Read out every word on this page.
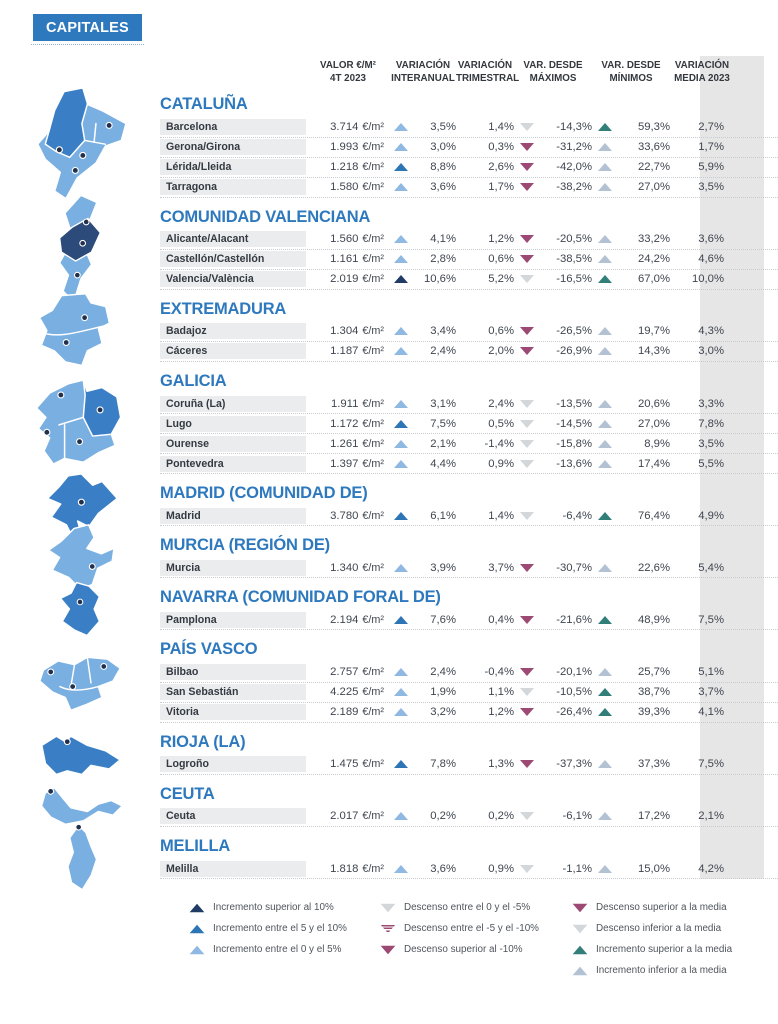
CAPITALES
VALOR €/M²
4T 2023
VARIACIÓN
INTERANUAL
VARIACIÓN
TRIMESTRAL
VAR. DESDE
MÁXIMOS
VAR. DESDE
MÍNIMOS
VARIACIÓN
MEDIA 2023
CATALUÑA
Barcelona	3.714 €/m²	3,5%	1,4%	-14,3%	59,3%	2,7%
Gerona/Girona	1.993 €/m²	3,0%	0,3%	-31,2%	33,6%	1,7%
Lérida/Lleida	1.218 €/m²	8,8%	2,6%	-42,0%	22,7%	5,9%
Tarragona	1.580 €/m²	3,6%	1,7%	-38,2%	27,0%	3,5%
COMUNIDAD VALENCIANA
Alicante/Alacant	1.560 €/m²	4,1%	1,2%	-20,5%	33,2%	3,6%
Castellón/Castellón	1.161 €/m²	2,8%	0,6%	-38,5%	24,2%	4,6%
Valencia/València	2.019 €/m²	10,6%	5,2%	-16,5%	67,0%	10,0%
EXTREMADURA
Badajoz	1.304 €/m²	3,4%	0,6%	-26,5%	19,7%	4,3%
Cáceres	1.187 €/m²	2,4%	2,0%	-26,9%	14,3%	3,0%
GALICIA
Coruña (La)	1.911 €/m²	3,1%	2,4%	-13,5%	20,6%	3,3%
Lugo	1.172 €/m²	7,5%	0,5%	-14,5%	27,0%	7,8%
Ourense	1.261 €/m²	2,1%	-1,4%	-15,8%	8,9%	3,5%
Pontevedra	1.397 €/m²	4,4%	0,9%	-13,6%	17,4%	5,5%
MADRID (COMUNIDAD DE)
Madrid	3.780 €/m²	6,1%	1,4%	-6,4%	76,4%	4,9%
MURCIA (REGIÓN DE)
Murcia	1.340 €/m²	3,9%	3,7%	-30,7%	22,6%	5,4%
NAVARRA (COMUNIDAD FORAL DE)
Pamplona	2.194 €/m²	7,6%	0,4%	-21,6%	48,9%	7,5%
PAÍS VASCO
Bilbao	2.757 €/m²	2,4%	-0,4%	-20,1%	25,7%	5,1%
San Sebastián	4.225 €/m²	1,9%	1,1%	-10,5%	38,7%	3,7%
Vitoria	2.189 €/m²	3,2%	1,2%	-26,4%	39,3%	4,1%
RIOJA (LA)
Logroño	1.475 €/m²	7,8%	1,3%	-37,3%	37,3%	7,5%
CEUTA
Ceuta	2.017 €/m²	0,2%	0,2%	-6,1%	17,2%	2,1%
MELILLA
Melilla	1.818 €/m²	3,6%	0,9%	-1,1%	15,0%	4,2%
Incremento superior al 10%
Incremento entre el 5 y el 10%
Incremento entre el 0 y el 5%
Descenso entre el 0 y el -5%
Descenso entre el -5 y el -10%
Descenso superior al -10%
Descenso superior a la media
Descenso inferior a la media
Incremento superior a la media
Incremento inferior a la media
